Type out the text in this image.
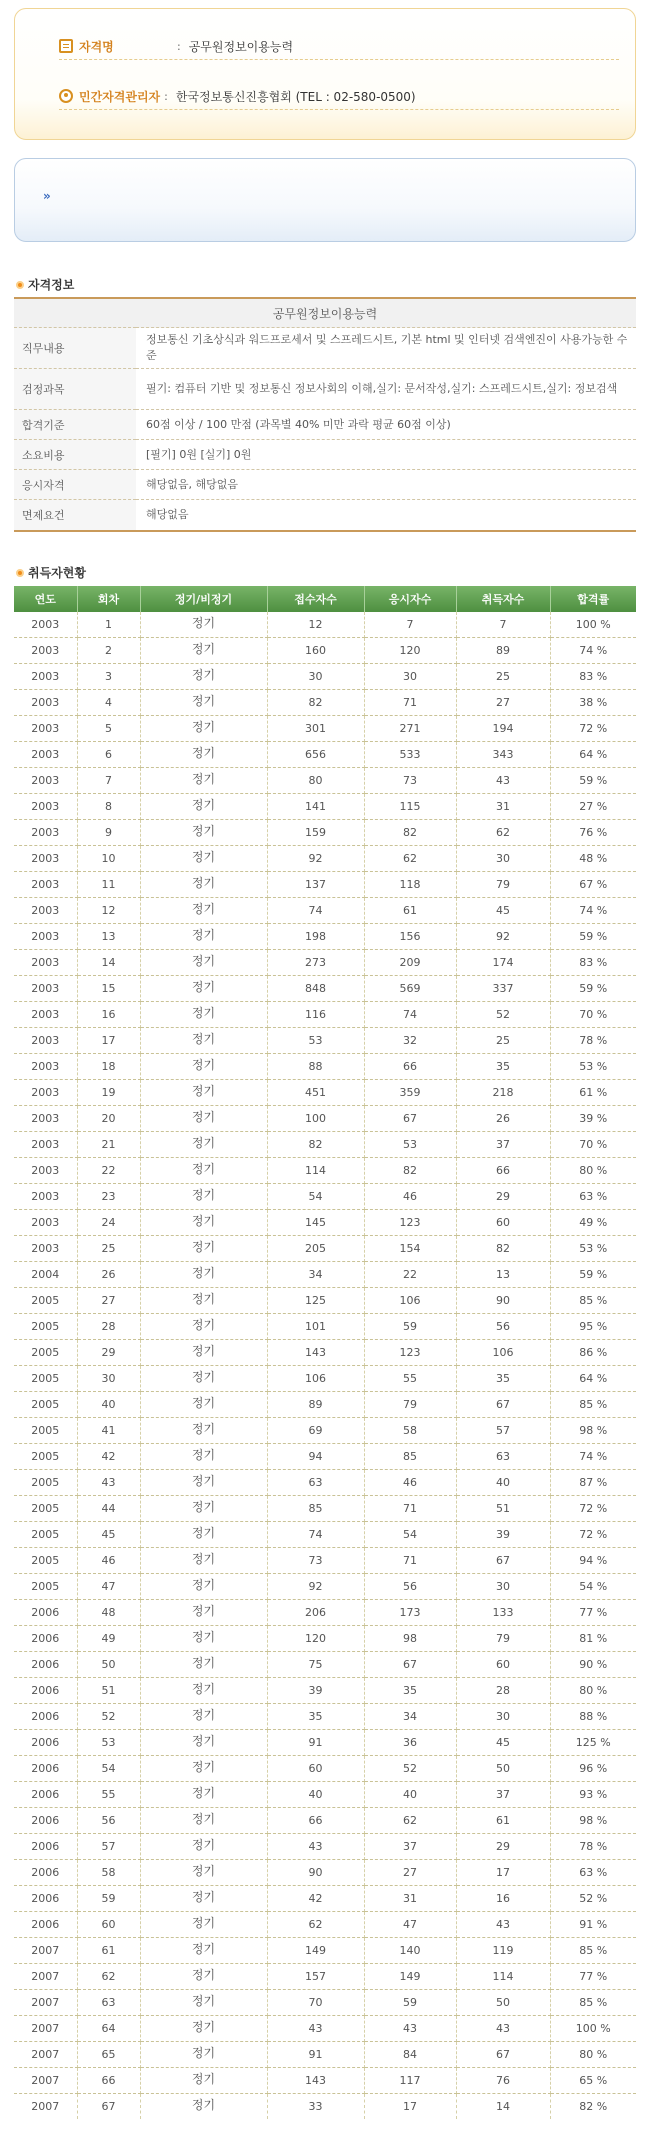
자격명	: 공무원정보이용능력
민간자격관리자 : 한국정보통신진흥협회 (TEL : 02-580-0500)
»
자격정보
공무원정보이용능력	
직무내용	정보통신 기초상식과 워드프로세서 및 스프레드시트, 기본 html 및 인터넷 검색엔진이 사용가능한 수준
검정과목	필기: 컴퓨터 기반 및 정보통신 정보사회의 이해,실기: 문서작성,실기: 스프레드시트,실기: 정보검색
합격기준	60점 이상 / 100 만점 (과목별 40% 미만 과락 평균 60점 이상)
소요비용	[필기] 0원 [실기] 0원
응시자격	해당없음, 해당없음
면제요건	해당없음
취득자현황
연도	회차	정기/비정기	접수자수	응시자수	취득자수	합격률
2003	1	정기	12	7	7	100 %
2003	2	정기	160	120	89	74 %
2003	3	정기	30	30	25	83 %
2003	4	정기	82	71	27	38 %
2003	5	정기	301	271	194	72 %
2003	6	정기	656	533	343	64 %
2003	7	정기	80	73	43	59 %
2003	8	정기	141	115	31	27 %
2003	9	정기	159	82	62	76 %
2003	10	정기	92	62	30	48 %
2003	11	정기	137	118	79	67 %
2003	12	정기	74	61	45	74 %
2003	13	정기	198	156	92	59 %
2003	14	정기	273	209	174	83 %
2003	15	정기	848	569	337	59 %
2003	16	정기	116	74	52	70 %
2003	17	정기	53	32	25	78 %
2003	18	정기	88	66	35	53 %
2003	19	정기	451	359	218	61 %
2003	20	정기	100	67	26	39 %
2003	21	정기	82	53	37	70 %
2003	22	정기	114	82	66	80 %
2003	23	정기	54	46	29	63 %
2003	24	정기	145	123	60	49 %
2003	25	정기	205	154	82	53 %
2004	26	정기	34	22	13	59 %
2005	27	정기	125	106	90	85 %
2005	28	정기	101	59	56	95 %
2005	29	정기	143	123	106	86 %
2005	30	정기	106	55	35	64 %
2005	40	정기	89	79	67	85 %
2005	41	정기	69	58	57	98 %
2005	42	정기	94	85	63	74 %
2005	43	정기	63	46	40	87 %
2005	44	정기	85	71	51	72 %
2005	45	정기	74	54	39	72 %
2005	46	정기	73	71	67	94 %
2005	47	정기	92	56	30	54 %
2006	48	정기	206	173	133	77 %
2006	49	정기	120	98	79	81 %
2006	50	정기	75	67	60	90 %
2006	51	정기	39	35	28	80 %
2006	52	정기	35	34	30	88 %
2006	53	정기	91	36	45	125 %
2006	54	정기	60	52	50	96 %
2006	55	정기	40	40	37	93 %
2006	56	정기	66	62	61	98 %
2006	57	정기	43	37	29	78 %
2006	58	정기	90	27	17	63 %
2006	59	정기	42	31	16	52 %
2006	60	정기	62	47	43	91 %
2007	61	정기	149	140	119	85 %
2007	62	정기	157	149	114	77 %
2007	63	정기	70	59	50	85 %
2007	64	정기	43	43	43	100 %
2007	65	정기	91	84	67	80 %
2007	66	정기	143	117	76	65 %
2007	67	정기	33	17	14	82 %
